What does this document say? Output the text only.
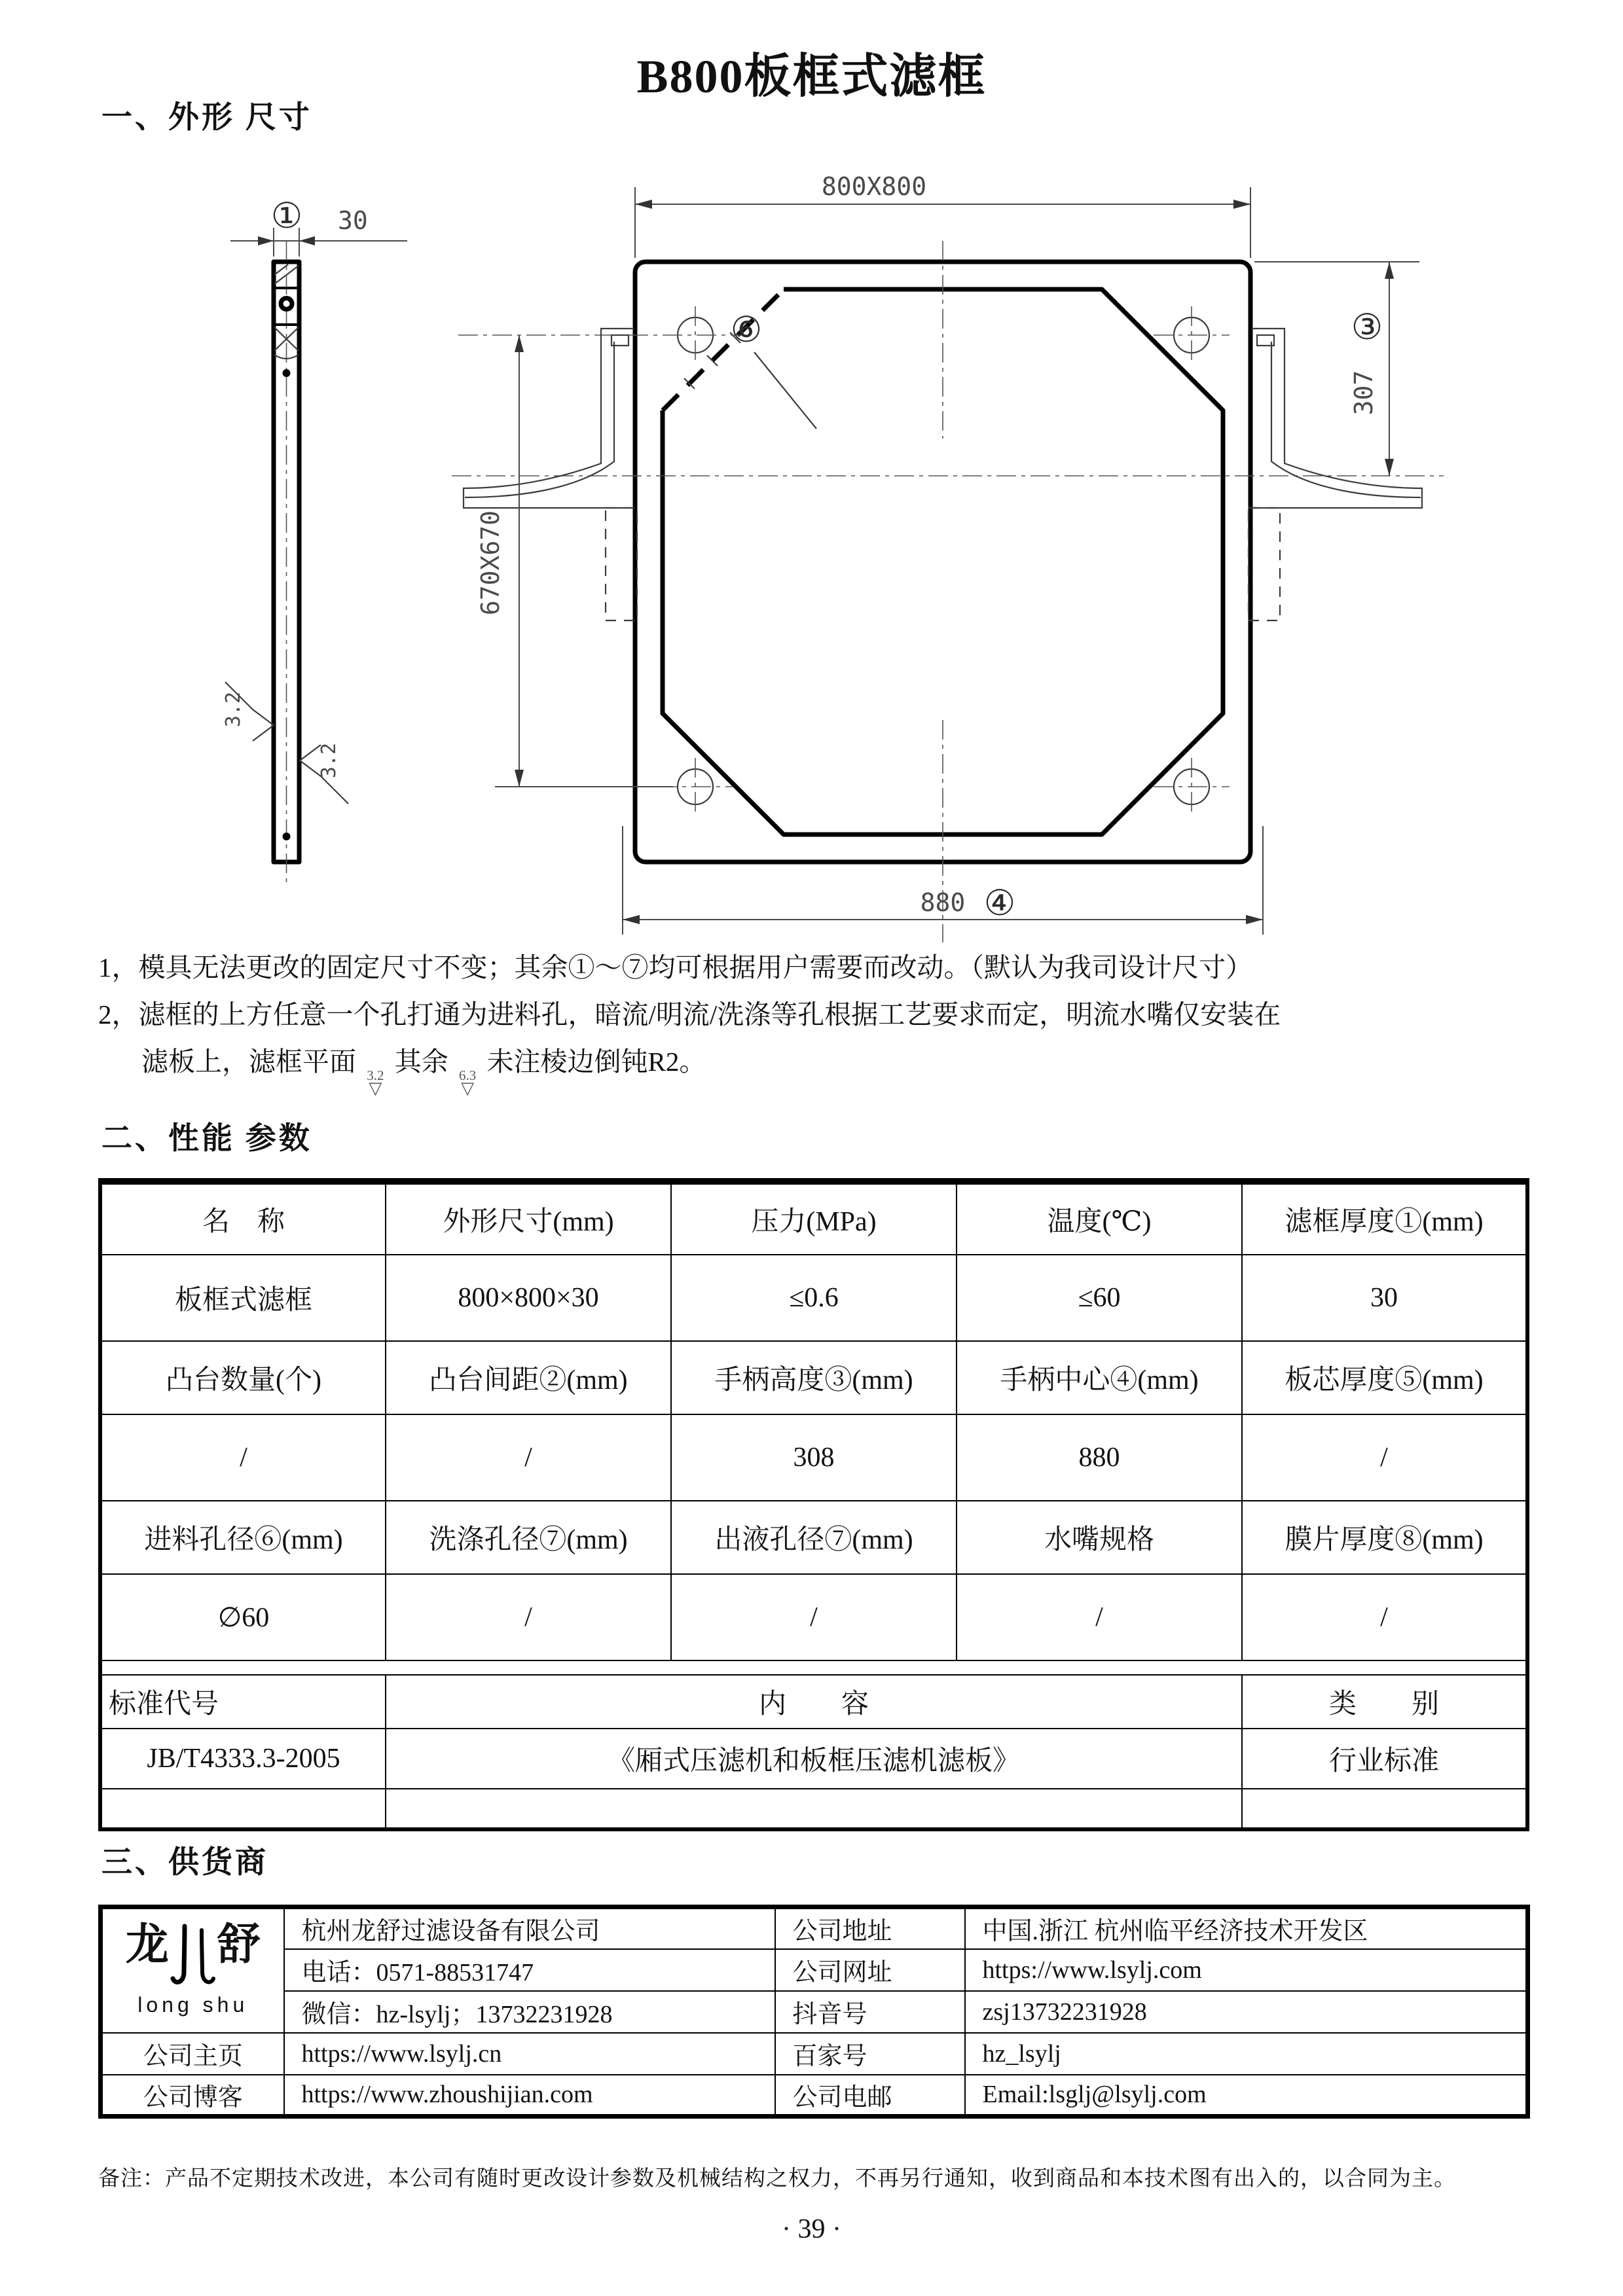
B800板框式滤框
一、外形 尺寸
① 30
800X800
③
307
670X670
880 ④
⑥
3.2
3.2
1，模具无法更改的固定尺寸不变；其余①～⑦均可根据用户需要而改动。（默认为我司设计尺寸）
2，滤框的上方任意一个孔打通为进料孔，暗流/明流/洗涤等孔根据工艺要求而定，明流水嘴仅安装在
滤板上，滤框平面 3.2
▽
其余 6.3
▽
未注棱边倒钝R2。
二、性能 参数
名　称	外形尺寸(mm)	压力(MPa)	温度(℃)	滤框厚度①(mm)
板框式滤框	800×800×30	≤0.6	≤60	30
凸台数量(个)	凸台间距②(mm)	手柄高度③(mm)	手柄中心④(mm)	板芯厚度⑤(mm)
/	/	308	880	/
进料孔径⑥(mm)	洗涤孔径⑦(mm)	出液孔径⑦(mm)	水嘴规格	膜片厚度⑧(mm)
∅60	/	/	/	/

标准代号	内　　容			类　　别
JB/T4333.3-2005	《厢式压滤机和板框压滤机滤板》			行业标准

三、供货商
龙 舒
long shu	杭州龙舒过滤设备有限公司	公司地址	中国.浙江 杭州临平经济技术开发区
	电话：0571-88531747	公司网址	https://www.lsylj.com
	微信：hz-lsylj；13732231928	抖音号	zsj13732231928
公司主页	https://www.lsylj.cn	百家号	hz_lsylj
公司博客	https://www.zhoushijian.com	公司电邮	Email:lsglj@lsylj.com
备注：产品不定期技术改进，本公司有随时更改设计参数及机械结构之权力，不再另行通知，收到商品和本技术图有出入的，以合同为主。
· 39 ·
